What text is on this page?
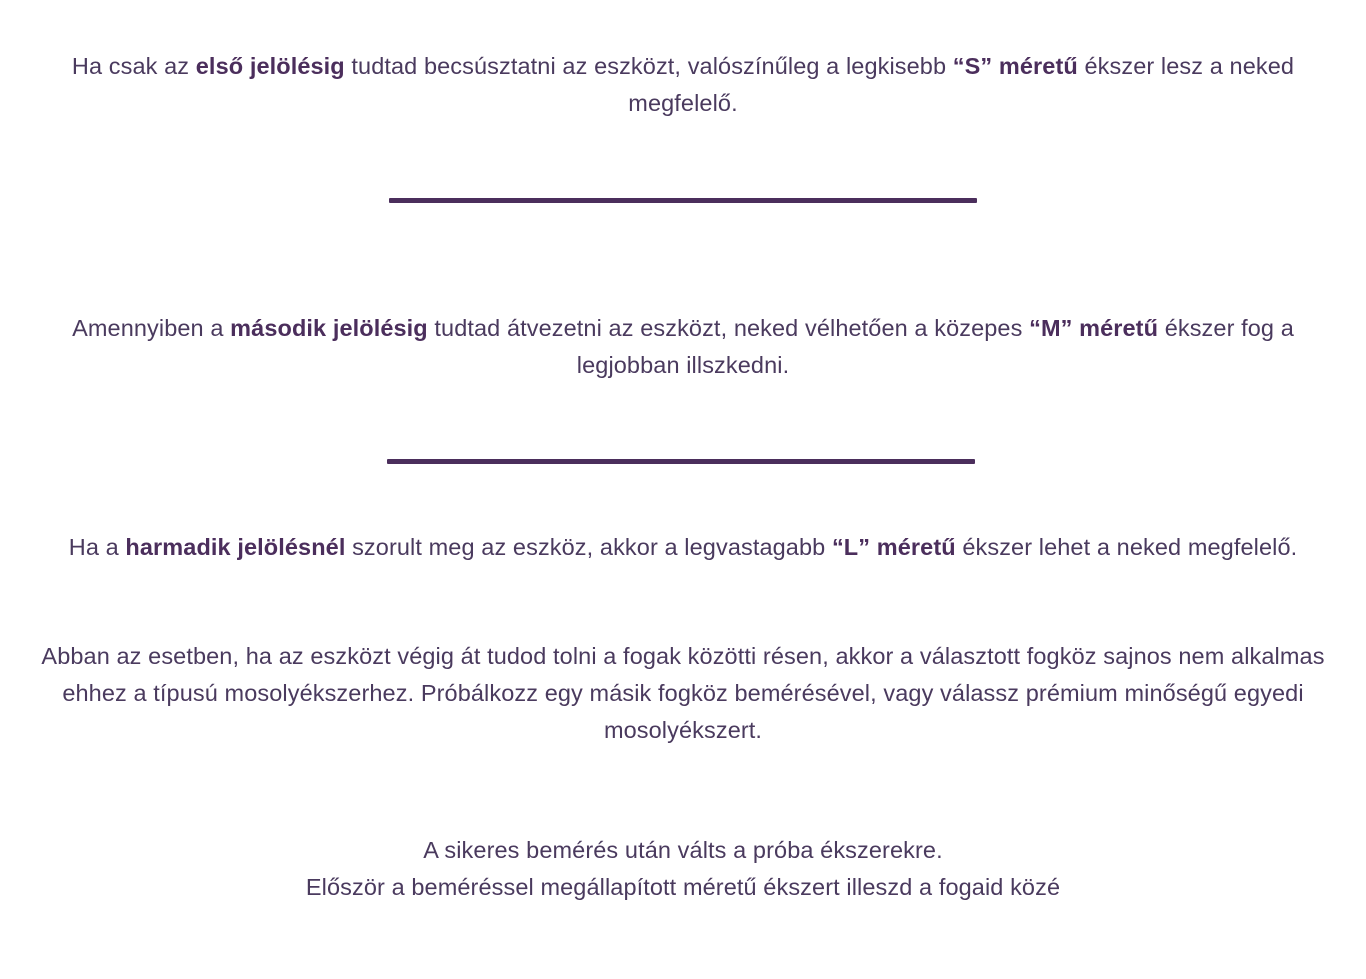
Ha csak az első jelölésig tudtad becsúsztatni az eszközt, valószínűleg a legkisebb “S” méretű ékszer lesz a neked megfelelő.

Amennyiben a második jelölésig tudtad átvezetni az eszközt, neked vélhetően a közepes “M” méretű ékszer fog a legjobban illszkedni.

Ha a harmadik jelölésnél szorult meg az eszköz, akkor a legvastagabb “L” méretű ékszer lehet a neked megfelelő.

Abban az esetben, ha az eszközt végig át tudod tolni a fogak közötti résen, akkor a választott fogköz sajnos nem alkalmas ehhez a típusú mosolyékszerhez. Próbálkozz egy másik fogköz bemérésével, vagy válassz prémium minőségű egyedi mosolyékszert.

A sikeres bemérés után válts a próba ékszerekre.
Először a beméréssel megállapított méretű ékszert illeszd a fogaid közé
